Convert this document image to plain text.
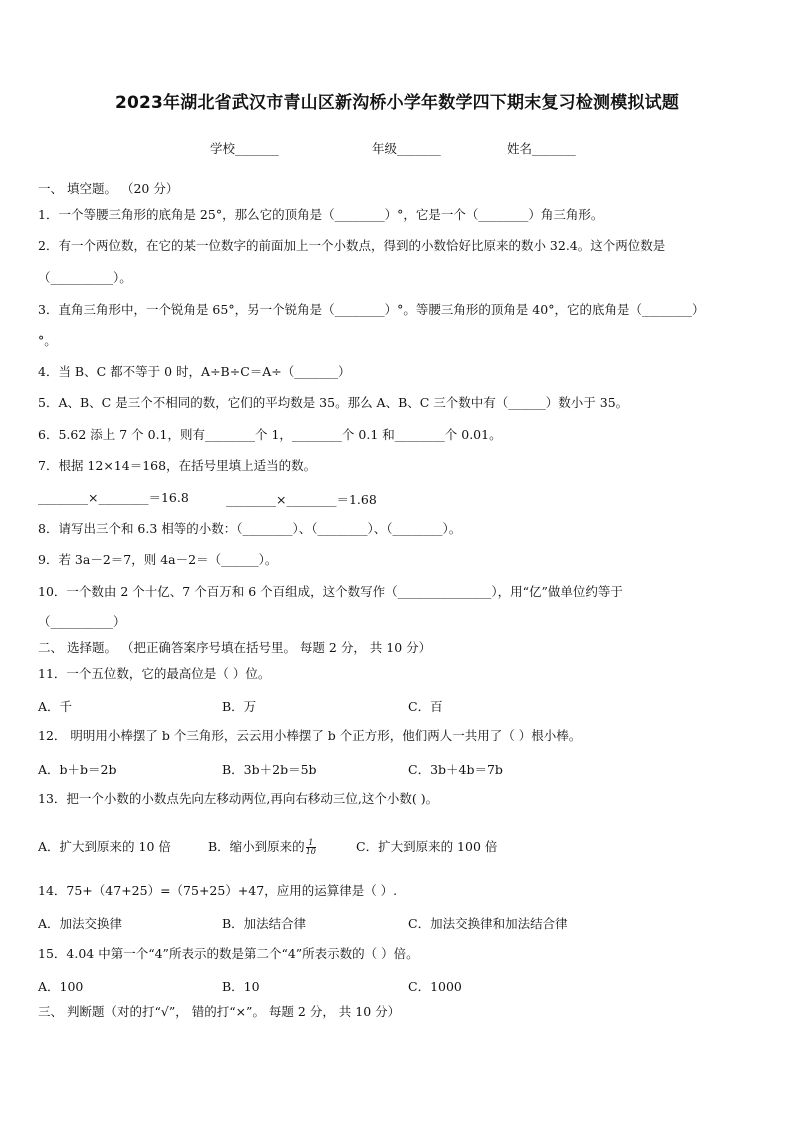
2023年湖北省武汉市青山区新沟桥小学年数学四下期末复习检测模拟试题
学校_______	年级_______	姓名_______
一、 填空题。 （20 分）
1．一个等腰三角形的底角是 25°，那么它的顶角是（________）°，它是一个（________）角三角形。
2．有一个两位数，在它的某一位数字的前面加上一个小数点，得到的小数恰好比原来的数小 32.4。这个两位数是
（__________）。
3．直角三角形中，一个锐角是 65°，另一个锐角是（________）°。等腰三角形的顶角是 40°，它的底角是（________）
°。
4．当 B、C 都不等于 0 时，A÷B÷C＝A÷（_______）
5．A、B、C 是三个不相同的数，它们的平均数是 35。那么 A、B、C 三个数中有（______）数小于 35。
6．5.62 添上 7 个 0.1，则有________个 1，________个 0.1 和________个 0.01。
7．根据 12×14＝168，在括号里填上适当的数。
________×________＝16.8	________×________＝1.68
8．请写出三个和 6.3 相等的小数：（________）、（________）、（________）。
9．若 3a－2＝7，则 4a－2＝（______）。
10．一个数由 2 个十亿、7 个百万和 6 个百组成，这个数写作（_______________），用“亿”做单位约等于
（__________）
二、 选择题。 （把正确答案序号填在括号里。 每题 2 分， 共 10 分）
11．一个五位数，它的最高位是（ ）位。
A．千	B．万	C．百
12． 明明用小棒摆了 b 个三角形，云云用小棒摆了 b 个正方形，他们两人一共用了（ ）根小棒。
A．b＋b＝2b	B．3b＋2b＝5b	C．3b＋4b＝7b
13．把一个小数的小数点先向左移动两位,再向右移动三位,这个小数( )。
A．扩大到原来的 10 倍	B．缩小到原来的 $\frac{1}{10}$	C．扩大到原来的 100 倍
14．75+（47+25）=（75+25）+47，应用的运算律是（ ）.
A．加法交换律	B．加法结合律	C．加法交换律和加法结合律
15．4.04 中第一个“4”所表示的数是第二个“4”所表示数的（ ）倍。
A．100	B．10	C．1000
三、 判断题（对的打“√”， 错的打“×”。 每题 2 分， 共 10 分）
